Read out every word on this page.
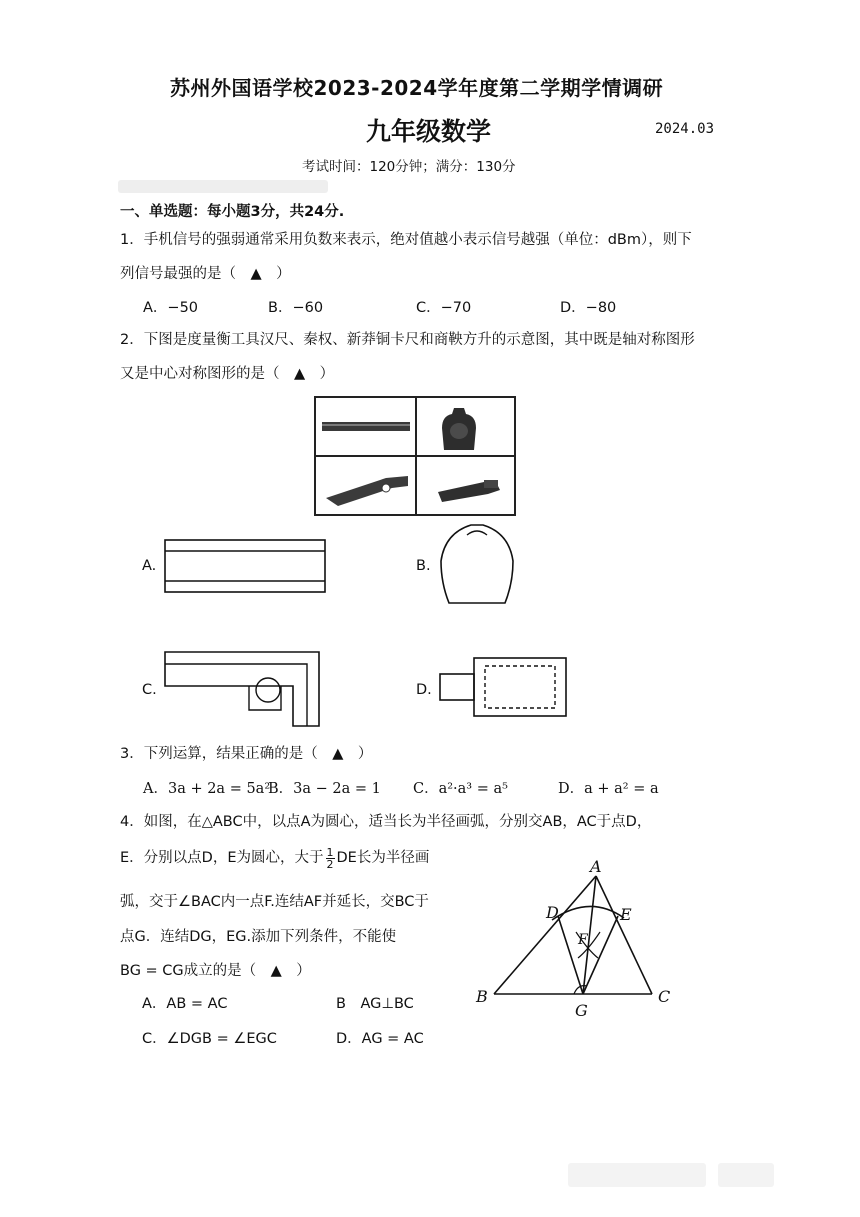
苏州外国语学校2023-2024学年度第二学期学情调研
九年级数学	2024.03
考试时间：120分钟；满分：130分
一、单选题：每小题3分，共24分.
1．手机信号的强弱通常采用负数来表示，绝对值越小表示信号越强（单位：dBm），则下
列信号最强的是（　▲　）
A．−50	B．−60	C．−70	D．−80
2．下图是度量衡工具汉尺、秦权、新莽铜卡尺和商鞅方升的示意图，其中既是轴对称图形
又是中心对称图形的是（　▲　）
A.	B.
C.	D.
3．下列运算，结果正确的是（　▲　）
A．3a + 2a = 5a²
B．3a − 2a = 1 C．a²·a³ = a⁵	D．a + a² = a
4．如图，在△ABC中，以点A为圆心，适当长为半径画弧，分别交AB，AC于点D，
E．分别以点D，E为圆心，大于 $\frac{1}{2}$ DE长为半径画
弧，交于∠BAC内一点F.连结AF并延长，交BC于
点G．连结DG，EG.添加下列条件，不能使
BG = CG成立的是（　▲　）
A．AB = AC	B　AG⊥BC
C．∠DGB = ∠EGC	D．AG = AC
A
B	C
D	E
F
G
